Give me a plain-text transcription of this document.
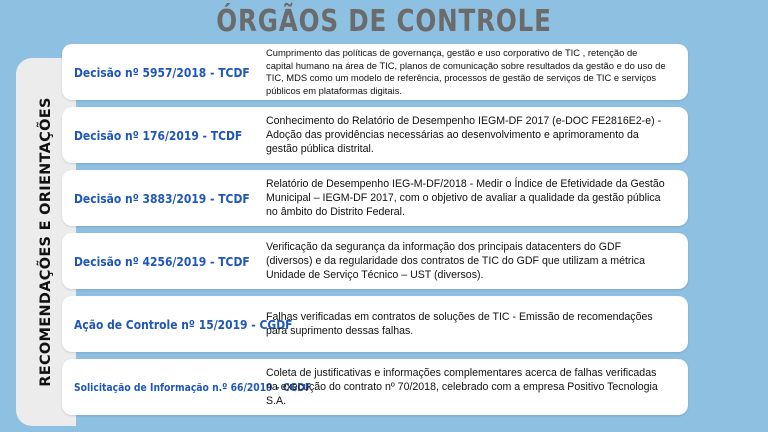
ÓRGÃOS DE CONTROLE
RECOMENDAÇÕES E ORIENTAÇÕES
Decisão nº 5957/2018 - TCDF
Cumprimento das políticas de governança, gestão e uso corporativo de TIC , retenção de capital humano na área de TIC, planos de comunicação sobre resultados da gestão e do uso de TIC, MDS como um modelo de referência, processos de gestão de serviços de TIC e serviços públicos em plataformas digitais.
Decisão nº 176/2019 - TCDF
Conhecimento do Relatório de Desempenho IEGM-DF 2017 (e-DOC FE2816E2-e) - Adoção das providências necessárias ao desenvolvimento e aprimoramento da gestão pública distrital.
Decisão nº 3883/2019 - TCDF
Relatório de Desempenho IEG-M-DF/2018 - Medir o Índice de Efetividade da Gestão Municipal – IEGM-DF 2017, com o objetivo de avaliar a qualidade da gestão pública no âmbito do Distrito Federal.
Decisão nº 4256/2019 - TCDF
Verificação da segurança da informação dos principais datacenters do GDF (diversos) e da regularidade dos contratos de TIC do GDF que utilizam a métrica Unidade de Serviço Técnico – UST (diversos).
Ação de Controle nº 15/2019 - CGDF
Falhas verificadas em contratos de soluções de TIC - Emissão de recomendações para suprimento dessas falhas.
Solicitação de Informação n.º 66/2019 - CGDF
Coleta de justificativas e informações complementares acerca de falhas verificadas na execução do contrato nº 70/2018, celebrado com a empresa Positivo Tecnologia S.A.
